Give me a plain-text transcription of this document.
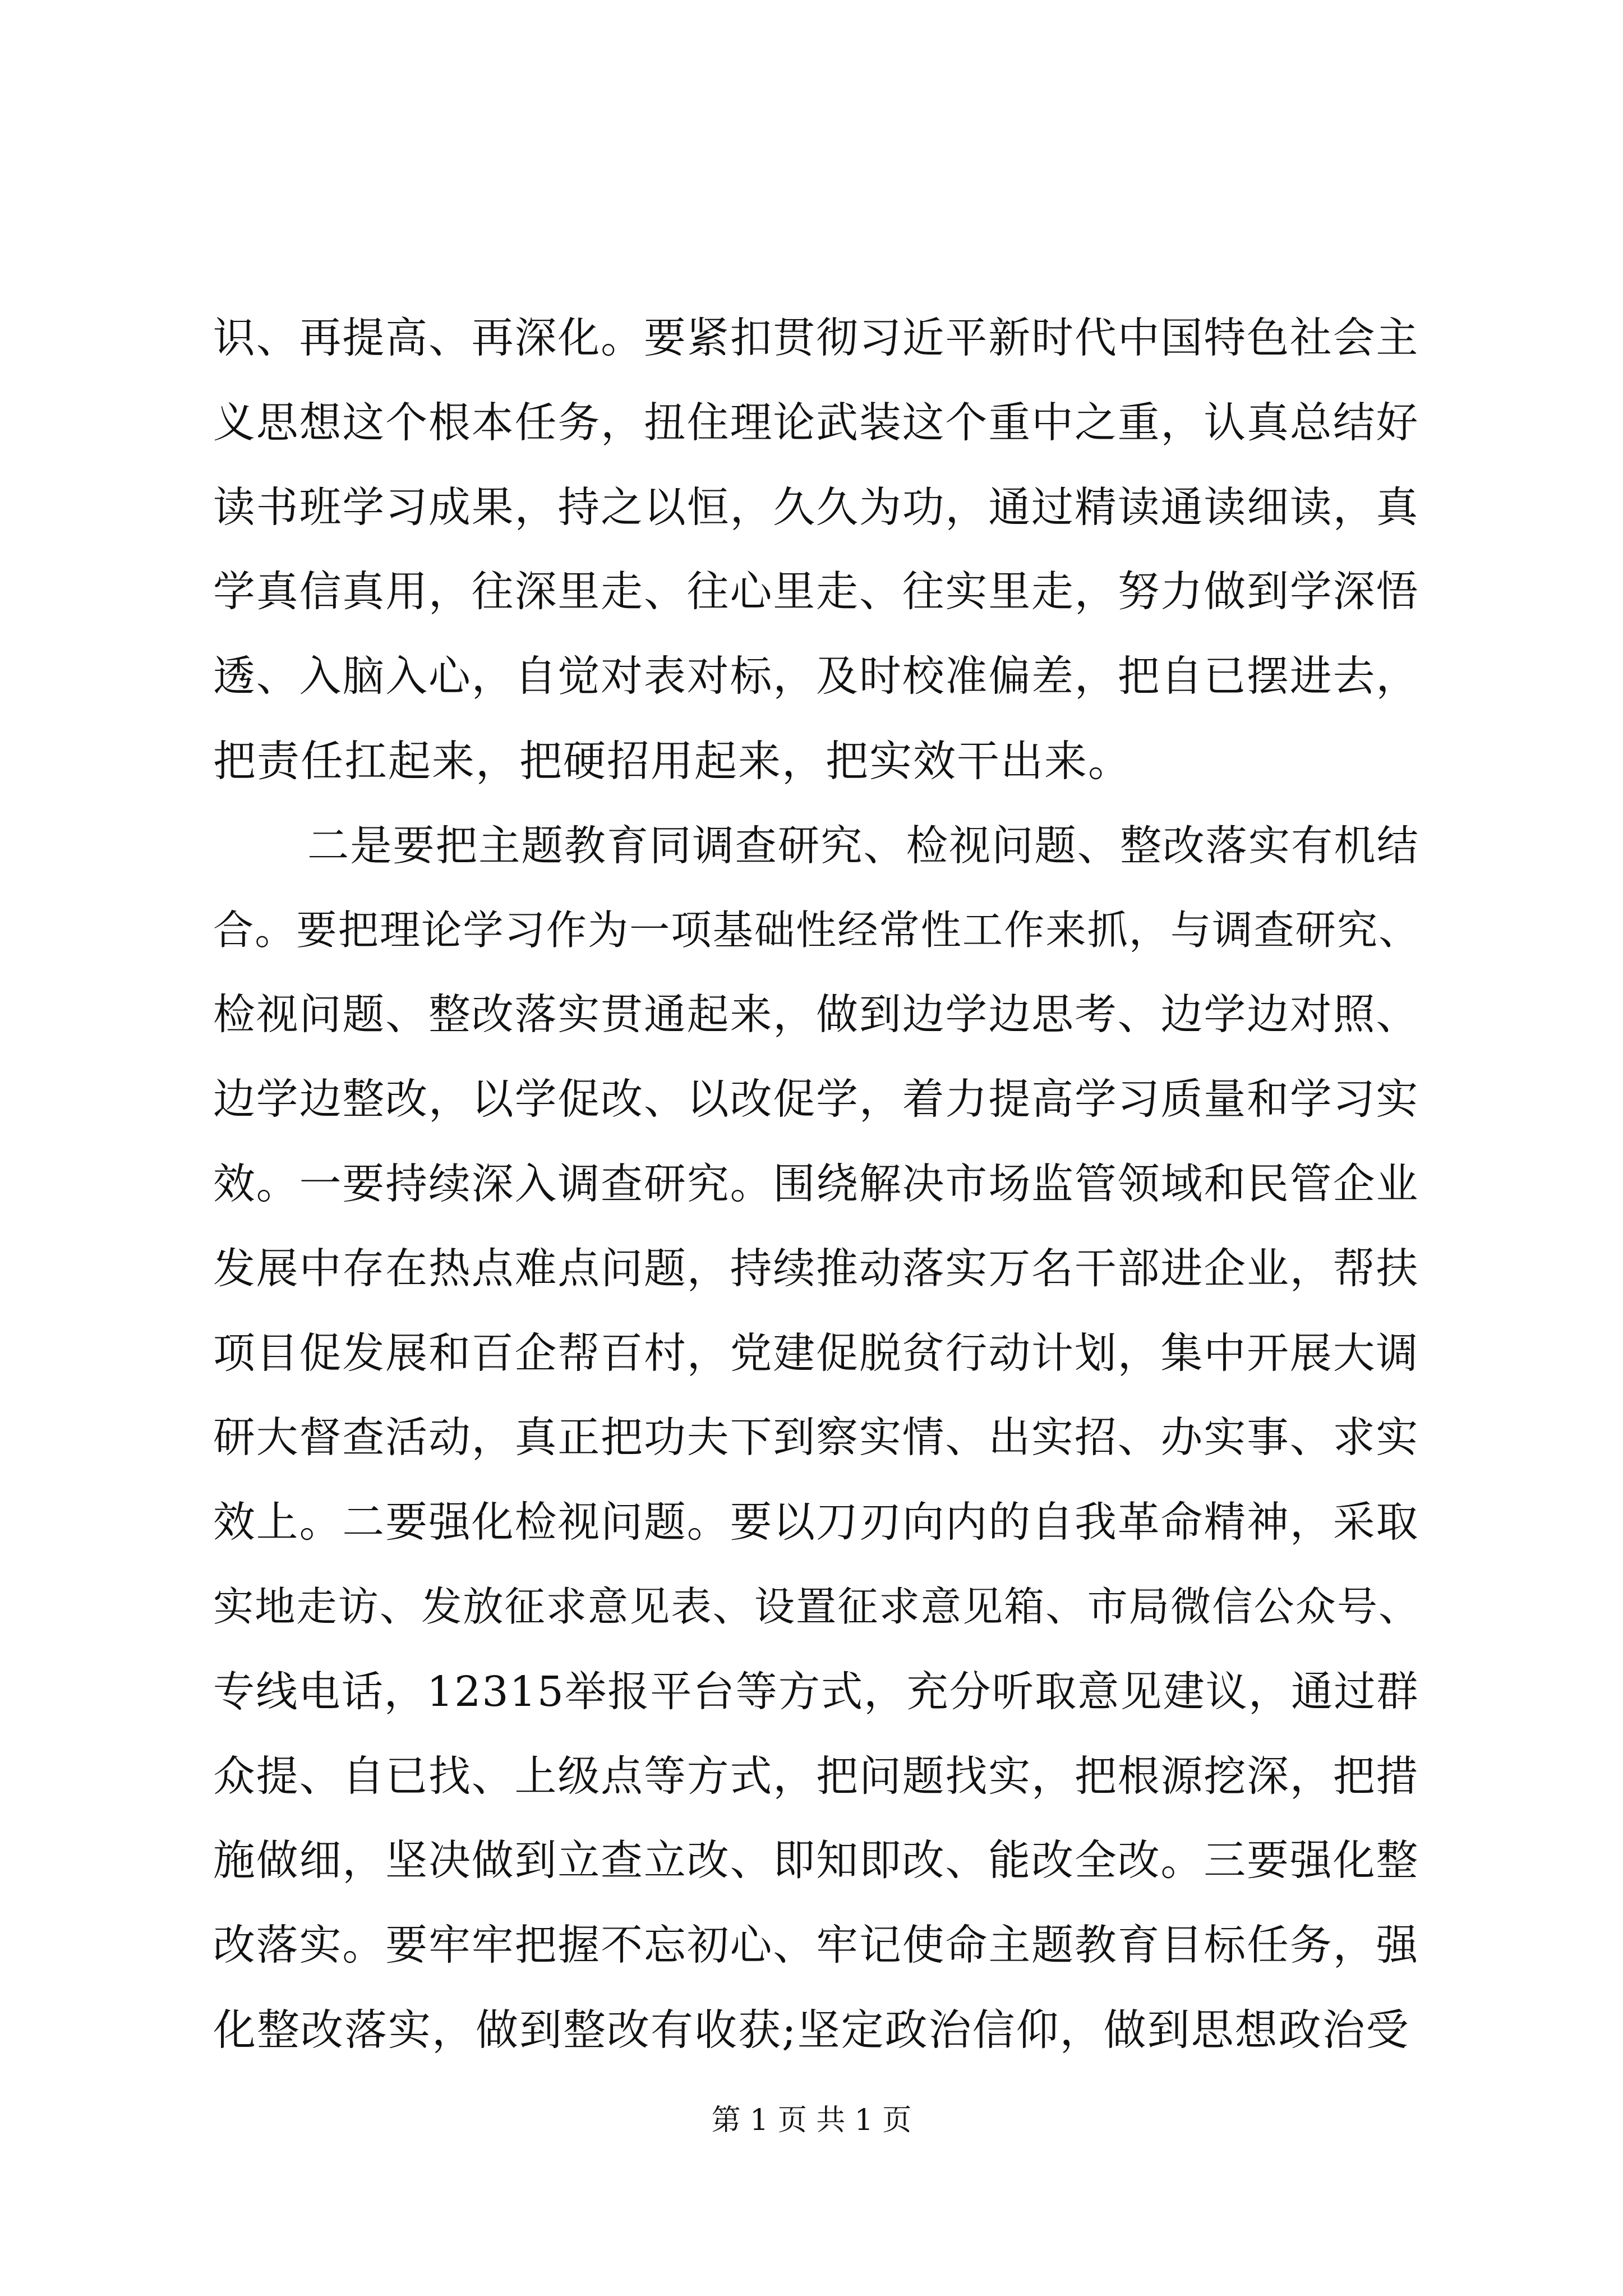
识、再提高、再深化。要紧扣贯彻习近平新时代中国特色社会主
义思想这个根本任务，扭住理论武装这个重中之重，认真总结好
读书班学习成果，持之以恒，久久为功，通过精读通读细读，真
学真信真用，往深里走、往心里走、往实里走，努力做到学深悟
透、入脑入心，自觉对表对标，及时校准偏差，把自已摆进去，
把责任扛起来，把硬招用起来，把实效干出来。
二是要把主题教育同调查研究、检视问题、整改落实有机结
合。要把理论学习作为一项基础性经常性工作来抓，与调查研究、
检视问题、整改落实贯通起来，做到边学边思考、边学边对照、
边学边整改，以学促改、以改促学，着力提高学习质量和学习实
效。一要持续深入调查研究。围绕解决市场监管领域和民管企业
发展中存在热点难点问题，持续推动落实万名干部进企业，帮扶
项目促发展和百企帮百村，党建促脱贫行动计划，集中开展大调
研大督查活动，真正把功夫下到察实情、出实招、办实事、求实
效上。二要强化检视问题。要以刀刃向内的自我革命精神，采取
实地走访、发放征求意见表、设置征求意见箱、市局微信公众号、
专线电话，12315举报平台等方式，充分听取意见建议，通过群
众提、自已找、上级点等方式，把问题找实，把根源挖深，把措
施做细，坚决做到立查立改、即知即改、能改全改。三要强化整
改落实。要牢牢把握不忘初心、牢记使命主题教育目标任务，强
化整改落实，做到整改有收获;坚定政治信仰，做到思想政治受
第 1 页 共 1 页
